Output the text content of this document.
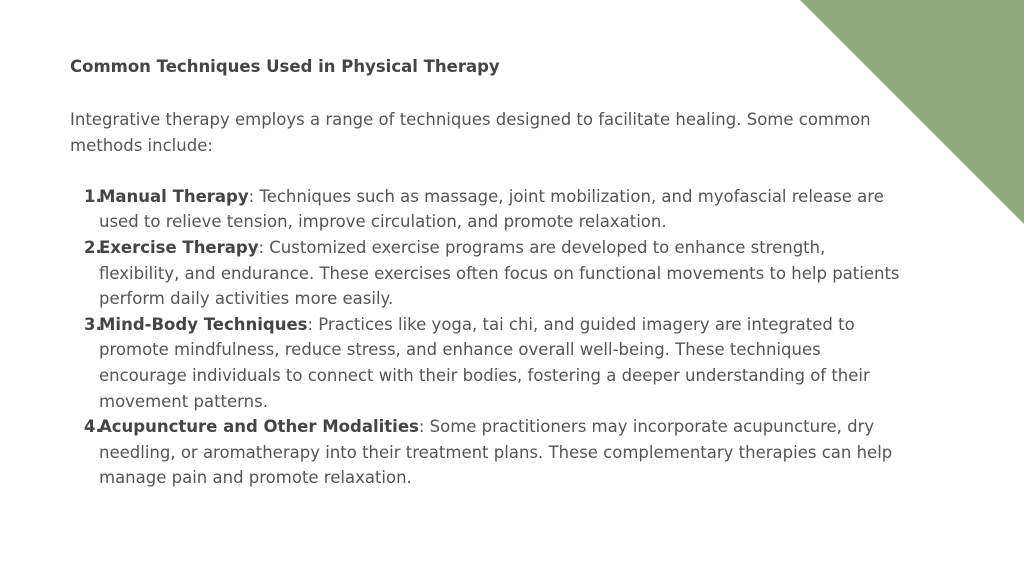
Common Techniques Used in Physical Therapy

Integrative therapy employs a range of techniques designed to facilitate healing. Some common methods include:

1.
Manual Therapy: Techniques such as massage, joint mobilization, and myofascial release are used to relieve tension, improve circulation, and promote relaxation.
2.
Exercise Therapy: Customized exercise programs are developed to enhance strength, flexibility, and endurance. These exercises often focus on functional movements to help patients perform daily activities more easily.
3.
Mind-Body Techniques: Practices like yoga, tai chi, and guided imagery are integrated to promote mindfulness, reduce stress, and enhance overall well-being. These techniques encourage individuals to connect with their bodies, fostering a deeper understanding of their movement patterns.
4.
Acupuncture and Other Modalities: Some practitioners may incorporate acupuncture, dry needling, or aromatherapy into their treatment plans. These complementary therapies can help manage pain and promote relaxation.
